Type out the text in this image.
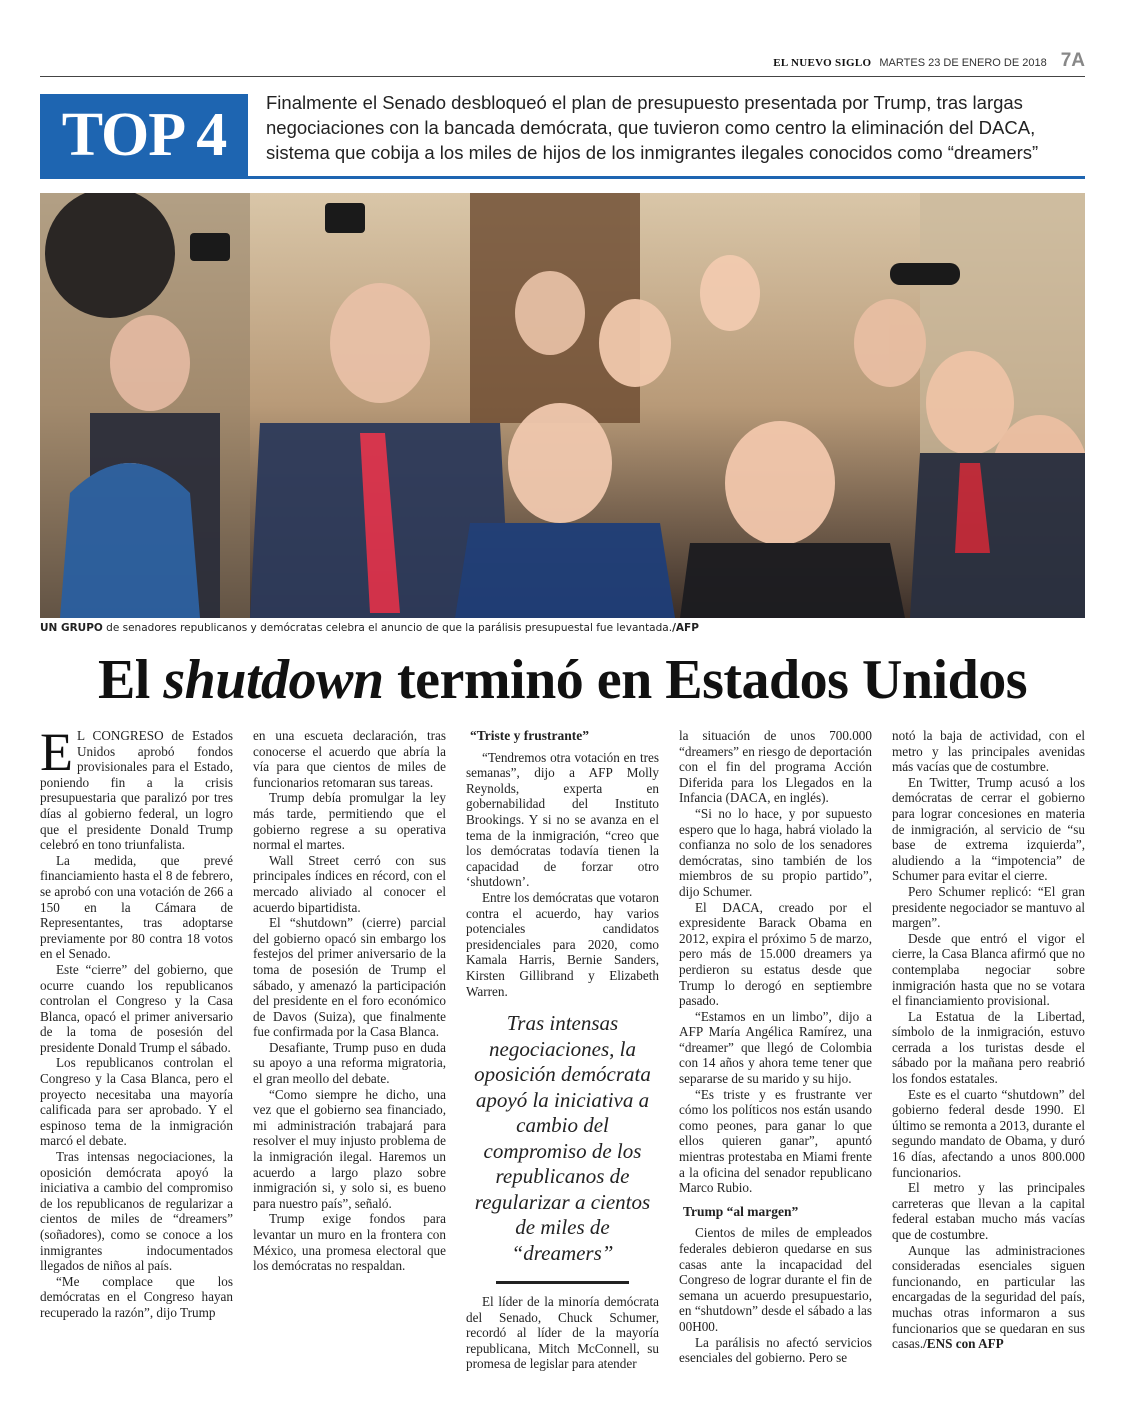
EL NUEVO SIGLO MARTES 23 DE ENERO DE 2018 7A
TOP 4 Finalmente el Senado desbloqueó el plan de presupuesto presentada por Trump, tras largas negociaciones con la bancada demócrata, que tuvieron como centro la eliminación del DACA, sistema que cobija a los miles de hijos de los inmigrantes ilegales conocidos como “dreamers”
UN GRUPO de senadores republicanos y demócratas celebra el anuncio de que la parálisis presupuestal fue levantada./AFP
El shutdown terminó en Estados Unidos

E L CONGRESO de Estados Unidos aprobó fondos provisionales para el Estado, poniendo fin a la crisis presupuestaria que paralizó por tres días al gobierno federal, un logro que el presidente Donald Trump celebró en tono triunfalista.

La medida, que prevé financiamiento hasta el 8 de febrero, se aprobó con una votación de 266 a 150 en la Cámara de Representantes, tras adoptarse previamente por 80 contra 18 votos en el Senado.

Este “cierre” del gobierno, que ocurre cuando los republicanos controlan el Congreso y la Casa Blanca, opacó el primer aniversario de la toma de posesión del presidente Donald Trump el sábado.

Los republicanos controlan el Congreso y la Casa Blanca, pero el proyecto necesitaba una mayoría calificada para ser aprobado. Y el espinoso tema de la inmigración marcó el debate.

Tras intensas negociaciones, la oposición demócrata apoyó la iniciativa a cambio del compromiso de los republicanos de regularizar a cientos de miles de “dreamers” (soñadores), como se conoce a los inmigrantes indocumentados llegados de niños al país.

“Me complace que los demócratas en el Congreso hayan recuperado la razón”, dijo Trump

en una escueta declaración, tras conocerse el acuerdo que abría la vía para que cientos de miles de funcionarios retomaran sus tareas.

Trump debía promulgar la ley más tarde, permitiendo que el gobierno regrese a su operativa normal el martes.

Wall Street cerró con sus principales índices en récord, con el mercado aliviado al conocer el acuerdo bipartidista.

El “shutdown” (cierre) parcial del gobierno opacó sin embargo los festejos del primer aniversario de la toma de posesión de Trump el sábado, y amenazó la participación del presidente en el foro económico de Davos (Suiza), que finalmente fue confirmada por la Casa Blanca.

Desafiante, Trump puso en duda su apoyo a una reforma migratoria, el gran meollo del debate.

“Como siempre he dicho, una vez que el gobierno sea financiado, mi administración trabajará para resolver el muy injusto problema de la inmigración ilegal. Haremos un acuerdo a largo plazo sobre inmigración si, y solo si, es bueno para nuestro país”, señaló.

Trump exige fondos para levantar un muro en la frontera con México, una promesa electoral que los demócratas no respaldan.

“Triste y frustrante”

“Tendremos otra votación en tres semanas”, dijo a AFP Molly Reynolds, experta en gobernabilidad del Instituto Brookings. Y si no se avanza en el tema de la inmigración, “creo que los demócratas todavía tienen la capacidad de forzar otro ‘shutdown’.

Entre los demócratas que votaron contra el acuerdo, hay varios potenciales candidatos presidenciales para 2020, como Kamala Harris, Bernie Sanders, Kirsten Gillibrand y Elizabeth Warren.

Tras intensas negociaciones, la oposición demócrata apoyó la iniciativa a cambio del compromiso de los republicanos de regularizar a cientos de miles de “dreamers”

El líder de la minoría demócrata del Senado, Chuck Schumer, recordó al líder de la mayoría republicana, Mitch McConnell, su promesa de legislar para atender

la situación de unos 700.000 “dreamers” en riesgo de deportación con el fin del programa Acción Diferida para los Llegados en la Infancia (DACA, en inglés).

“Si no lo hace, y por supuesto espero que lo haga, habrá violado la confianza no solo de los senadores demócratas, sino también de los miembros de su propio partido”, dijo Schumer.

El DACA, creado por el expresidente Barack Obama en 2012, expira el próximo 5 de marzo, pero más de 15.000 dreamers ya perdieron su estatus desde que Trump lo derogó en septiembre pasado.

“Estamos en un limbo”, dijo a AFP María Angélica Ramírez, una “dreamer” que llegó de Colombia con 14 años y ahora teme tener que separarse de su marido y su hijo.

“Es triste y es frustrante ver cómo los políticos nos están usando como peones, para ganar lo que ellos quieren ganar”, apuntó mientras protestaba en Miami frente a la oficina del senador republicano Marco Rubio.

Trump “al margen”

Cientos de miles de empleados federales debieron quedarse en sus casas ante la incapacidad del Congreso de lograr durante el fin de semana un acuerdo presupuestario, en “shutdown” desde el sábado a las 00H00.

La parálisis no afectó servicios esenciales del gobierno. Pero se

notó la baja de actividad, con el metro y las principales avenidas más vacías que de costumbre.

En Twitter, Trump acusó a los demócratas de cerrar el gobierno para lograr concesiones en materia de inmigración, al servicio de “su base de extrema izquierda”, aludiendo a la “impotencia” de Schumer para evitar el cierre.

Pero Schumer replicó: “El gran presidente negociador se mantuvo al margen”.

Desde que entró el vigor el cierre, la Casa Blanca afirmó que no contemplaba negociar sobre inmigración hasta que no se votara el financiamiento provisional.

La Estatua de la Libertad, símbolo de la inmigración, estuvo cerrada a los turistas desde el sábado por la mañana pero reabrió los fondos estatales.

Este es el cuarto “shutdown” del gobierno federal desde 1990. El último se remonta a 2013, durante el segundo mandato de Obama, y duró 16 días, afectando a unos 800.000 funcionarios.

El metro y las principales carreteras que llevan a la capital federal estaban mucho más vacías que de costumbre.

Aunque las administraciones consideradas esenciales siguen funcionando, en particular las encargadas de la seguridad del país, muchas otras informaron a sus funcionarios que se quedaran en sus casas./ENS con AFP
